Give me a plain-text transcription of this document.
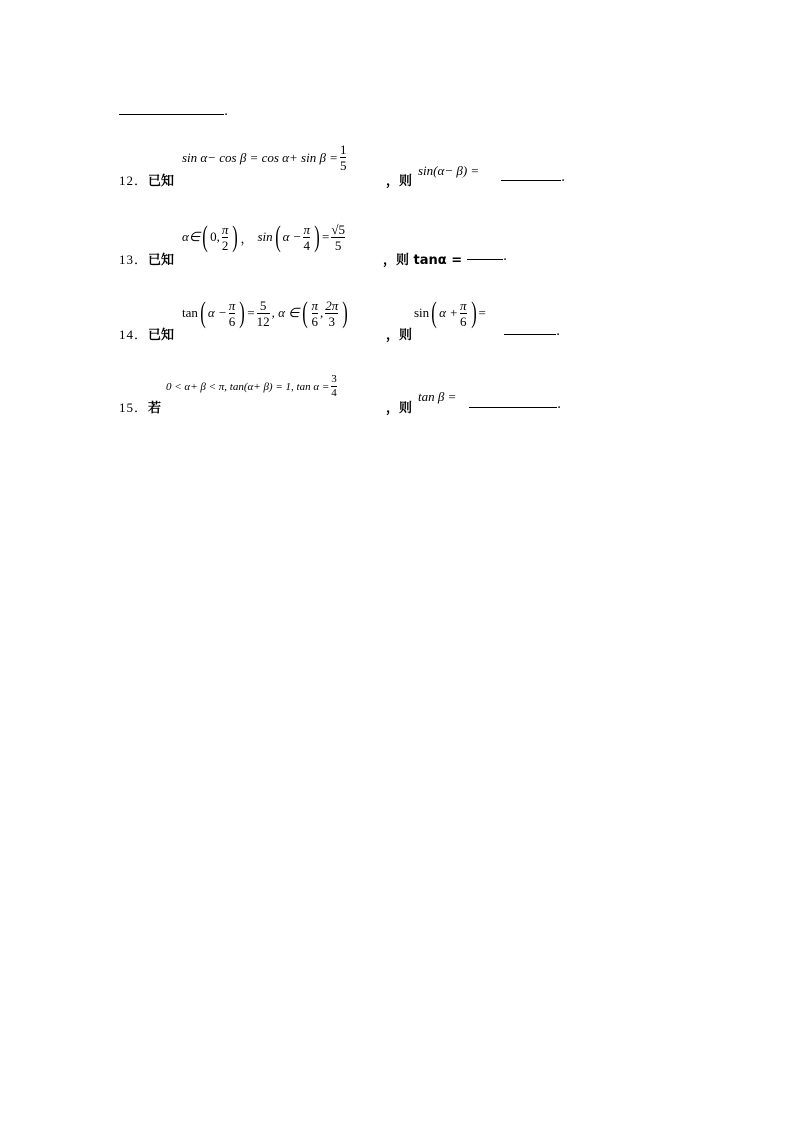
.
12．已知
$\sin \alpha- \cos \beta = \cos \alpha+ \sin \beta = \frac{1}{5}$
，则
sin(α− β) =	.
13．已知
α∈ ( 0, $\frac{\pi}{2}$ ) ， sin ( $\alpha - \frac{\pi}{4}$ ) = $\frac{√5}{5}$
，则 tanα =	.
14．已知
tan ( $\alpha - \frac{\pi}{6}$ ) = $\frac{5}{12}$ , α ∈ ( $\frac{\pi}{6}$ , $\frac{2\pi}{3}$ )
，则
sin ( $\alpha + \frac{\pi}{6}$ ) =
.
15．若
0 < α+ β < π, tan(α+ β) = 1, $\tan \alpha = \frac{3}{4}$
，则
tan β =
.
